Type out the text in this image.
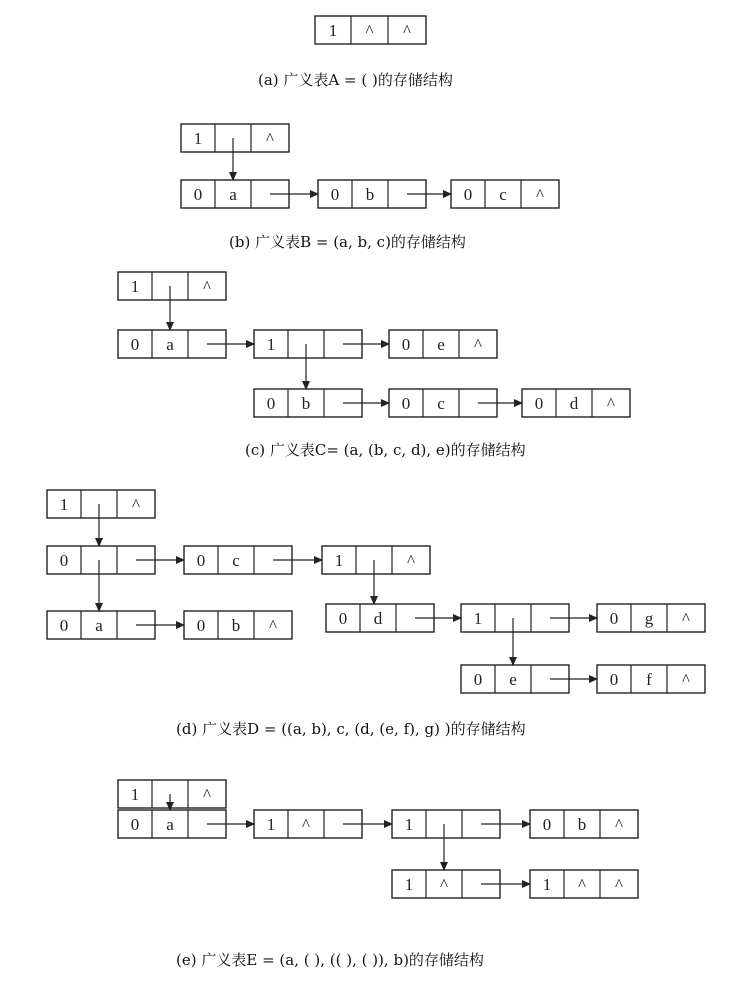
1 ^ ^
1	^
0 a	0 b	0 c ^
1	^
0 a	1	0 e ^
0 b	0 c	0 d ^
1	^
0	0 c	1	^
0 a	0 b ^	0 d	1	0 g ^
0 e	0 f ^
1	^
0 a	1 ^	1	0 b ^
1 ^	1 ^ ^
(a) 广义表A = ( )的存储结构
(b) 广义表B = (a, b, c)的存储结构
(c) 广义表C= (a, (b, c, d), e)的存储结构
(d) 广义表D = ((a, b), c, (d, (e, f), g) )的存储结构
(e) 广义表E = (a, ( ), (( ), ( )), b)的存储结构
掘金技术社区 @ Mr_Dwj
